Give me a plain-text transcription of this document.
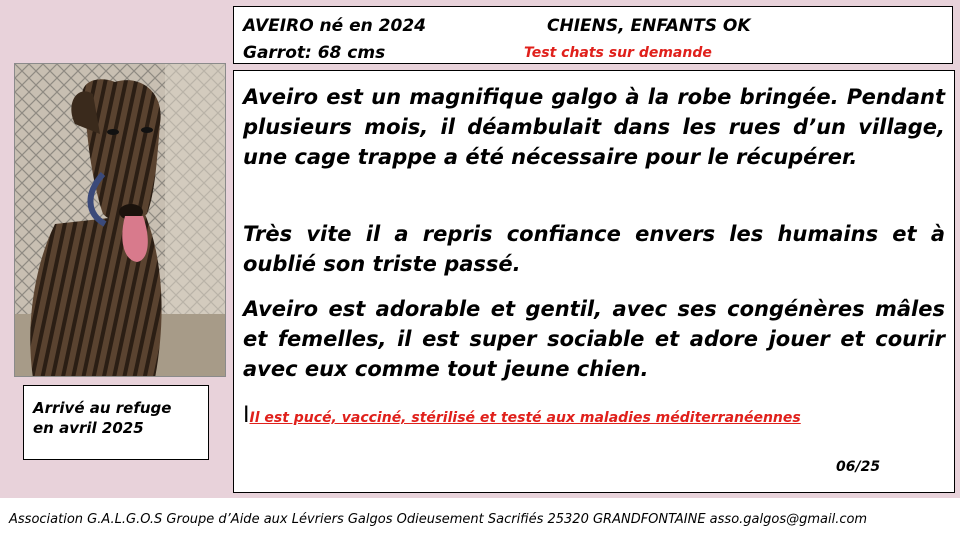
AVEIRO né en 2024	CHIENS, ENFANTS OK
Garrot: 68 cms	Test chats sur demande
Arrivé au refuge
en avril 2025

Aveiro est un magnifique galgo à la robe bringée. Pendant plusieurs mois, il déambulait dans les rues d’un village, une cage trappe a été nécessaire pour le récupérer.

Très vite il a repris confiance envers les humains et à oublié son triste passé.

Aveiro est adorable et gentil, avec ses congénères mâles et femelles, il est super sociable et adore jouer et courir avec eux comme tout jeune chien.

IIl est pucé, vacciné, stérilisé et testé aux maladies méditerranéennes
06/25
Association G.A.L.G.O.S Groupe d’Aide aux Lévriers Galgos Odieusement Sacrifiés 25320 GRANDFONTAINE asso.galgos@gmail.com
